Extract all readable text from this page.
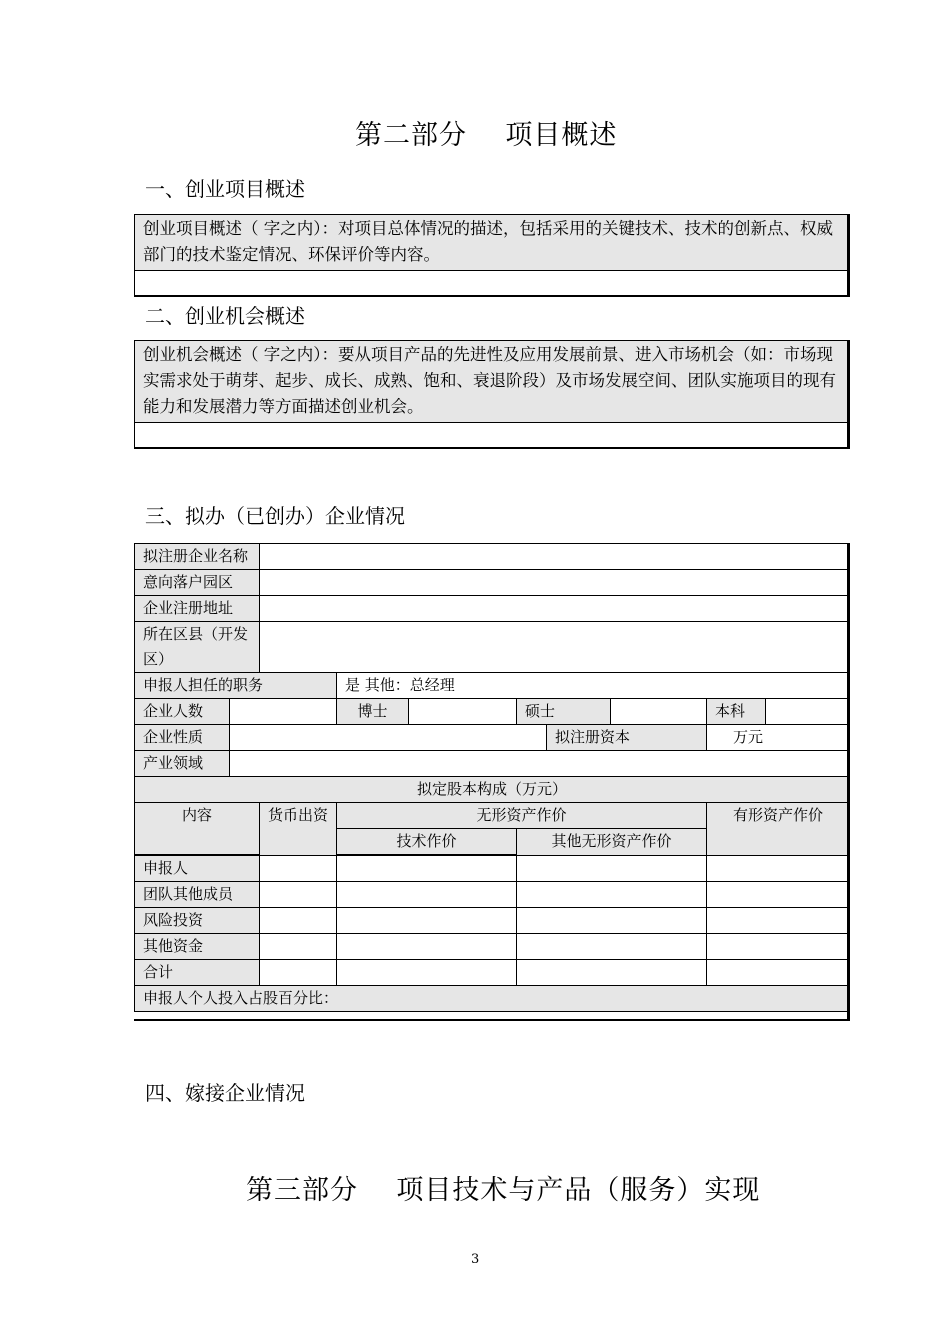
第二部分    项目概述
一、创业项目概述
创业项目概述（ 字之内）：对项目总体情况的描述，包括采用的关键技术、技术的创新点、权威部门的技术鉴定情况、环保评价等内容。
二、创业机会概述
创业机会概述（ 字之内）：要从项目产品的先进性及应用发展前景、进入市场机会（如：市场现实需求处于萌芽、起步、成长、成熟、饱和、衰退阶段）及市场发展空间、团队实施项目的现有能力和发展潜力等方面描述创业机会。
三、拟办（已创办）企业情况
拟注册企业名称									
意向落户园区									
企业注册地址									
所在区县（开发区）									
申报人担任的职务			是 其他：总经理						
企业人数			博士		硕士			本科	
企业性质						拟注册资本		万元	
产业领域									
拟定股本构成（万元）									
内容		货币出资	无形资产作价					有形资产作价	
			技术作价		其他无形资产作价				
申报人									
团队其他成员									
风险投资									
其他资金									
合计									
申报人个人投入占股百分比：									
四、嫁接企业情况
第三部分    项目技术与产品（服务）实现
3
